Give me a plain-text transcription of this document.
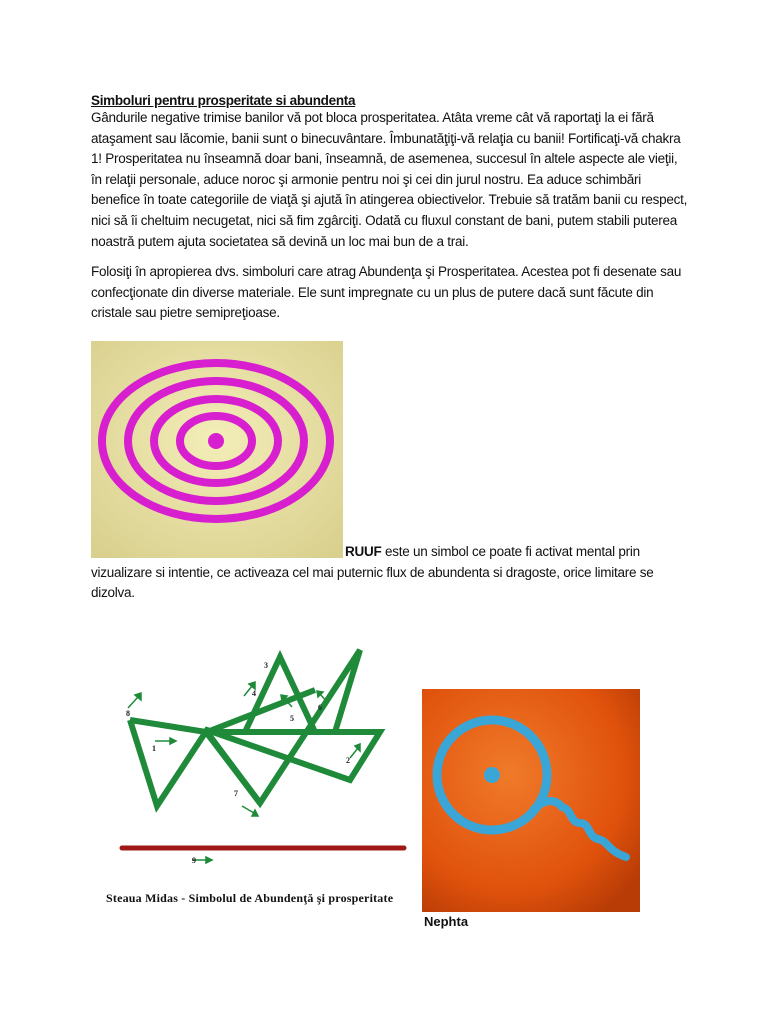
Simboluri pentru prosperitate si abundenta

Gândurile negative trimise banilor vă pot bloca prosperitatea. Atâta vreme cât vă raportaţi la ei fără ataşament sau lăcomie, banii sunt o binecuvântare. Îmbunatăţiţi-vă relaţia cu banii! Fortificaţi-vă chakra 1! Prosperitatea nu înseamnă doar bani, înseamnă, de asemenea, succesul în altele aspecte ale vieţii, în relaţii personale, aduce noroc şi armonie pentru noi şi cei din jurul nostru. Ea aduce schimbări benefice în toate categoriile de viaţă şi ajută în atingerea obiectivelor. Trebuie să tratăm banii cu respect, nici să îi cheltuim necugetat, nici să fim zgârciţi. Odată cu fluxul constant de bani, putem stabili puterea noastră putem ajuta societatea să devină un loc mai bun de a trai.

Folosiţi în apropierea dvs. simboluri care atrag Abundenţa şi Prosperitatea. Acestea pot fi desenate sau confecţionate din diverse materiale. Ele sunt impregnate cu un plus de putere dacă sunt făcute din cristale sau pietre semipreţioase.

RUUF este un simbol ce poate fi activat mental prin vizualizare si intentie, ce activeaza cel mai puternic flux de abundenta si dragoste, orice limitare se dizolva.

1
2
3
4
5
6
7
8
9
Steaua Midas - Simbolul de Abundenţă şi prosperitate
Nephta
